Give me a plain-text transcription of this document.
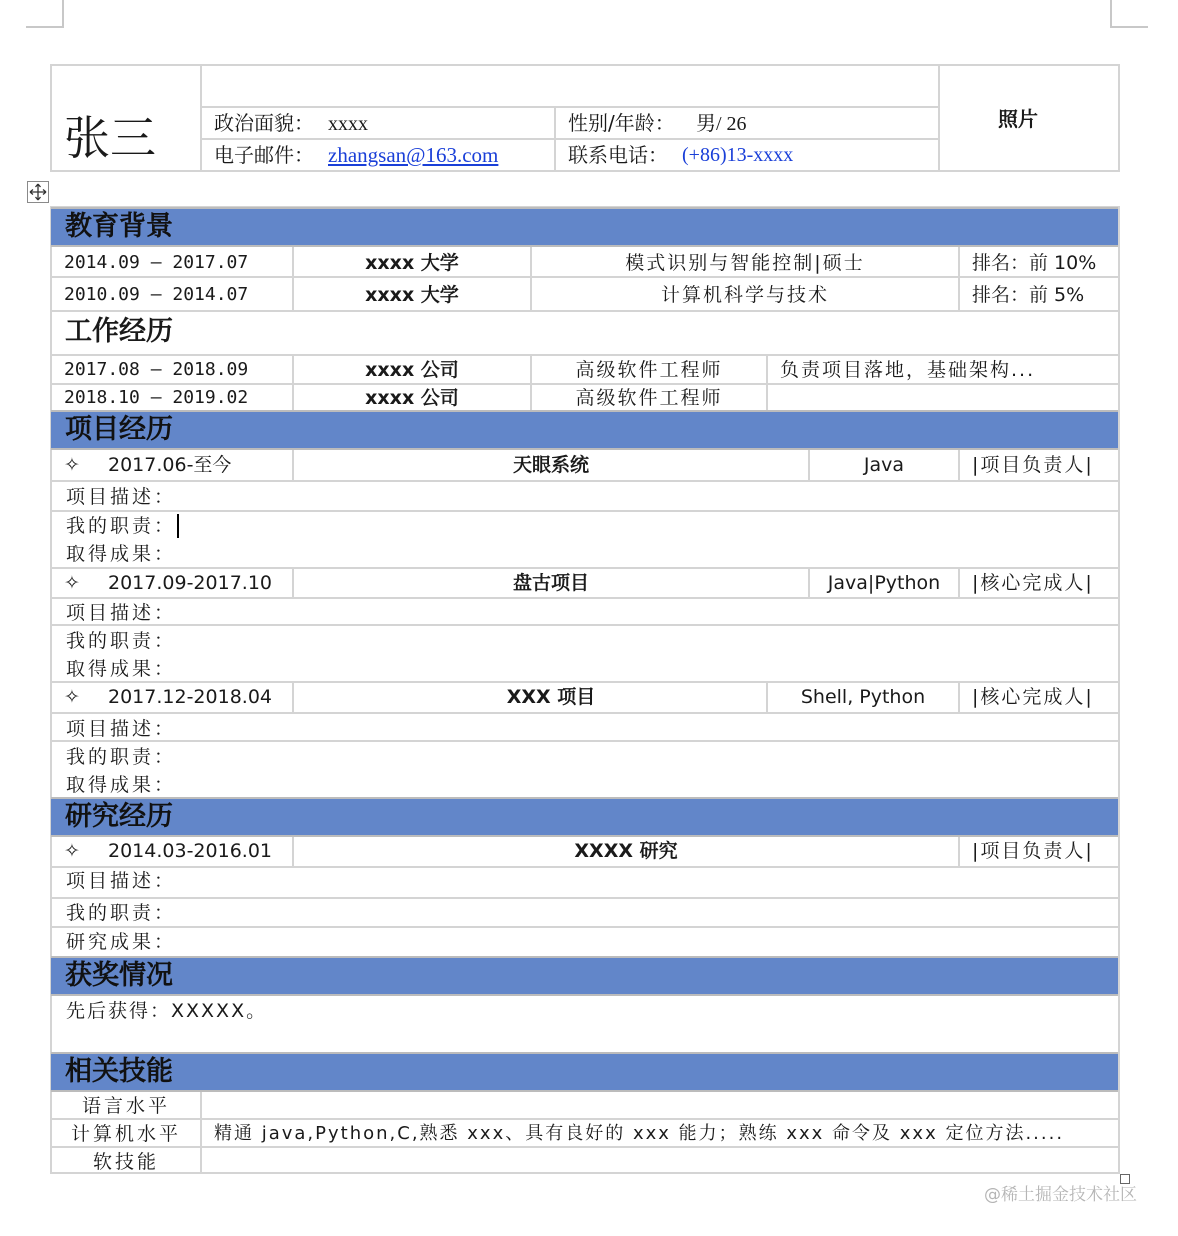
张三	照片
政治面貌： xxxx	性别/年龄： 男/ 26
电子邮件： zhangsan@163.com	联系电话： (+86)13-xxxx
教育背景
2014.09 – 2017.07	xxxx 大学	模式识别与智能控制|硕士	排名：前 10%
2010.09 – 2014.07	xxxx 大学	计算机科学与技术	排名：前 5%
工作经历
2017.08 – 2018.09	xxxx 公司	高级软件工程师	负责项目落地，基础架构...
2018.10 – 2019.02	xxxx 公司	高级软件工程师
项目经历
✧ 2017.06-至今	天眼系统	Java	|项目负责人|
项目描述：
我的职责：
取得成果：
✧ 2017.09-2017.10	盘古项目	Java|Python	|核心完成人|
项目描述：
我的职责：
取得成果：
✧ 2017.12-2018.04	XXX 项目	Shell, Python	|核心完成人|
项目描述：
我的职责：
取得成果：
研究经历
✧ 2014.03-2016.01	XXXX 研究	|项目负责人|
项目描述：
我的职责：
研究成果：
获奖情况
先后获得：XXXXX。
相关技能
语言水平
计算机水平	精通 java,Python,C,熟悉 xxx、具有良好的 xxx 能力；熟练 xxx 命令及 xxx 定位方法.....
软技能
@稀土掘金技术社区
